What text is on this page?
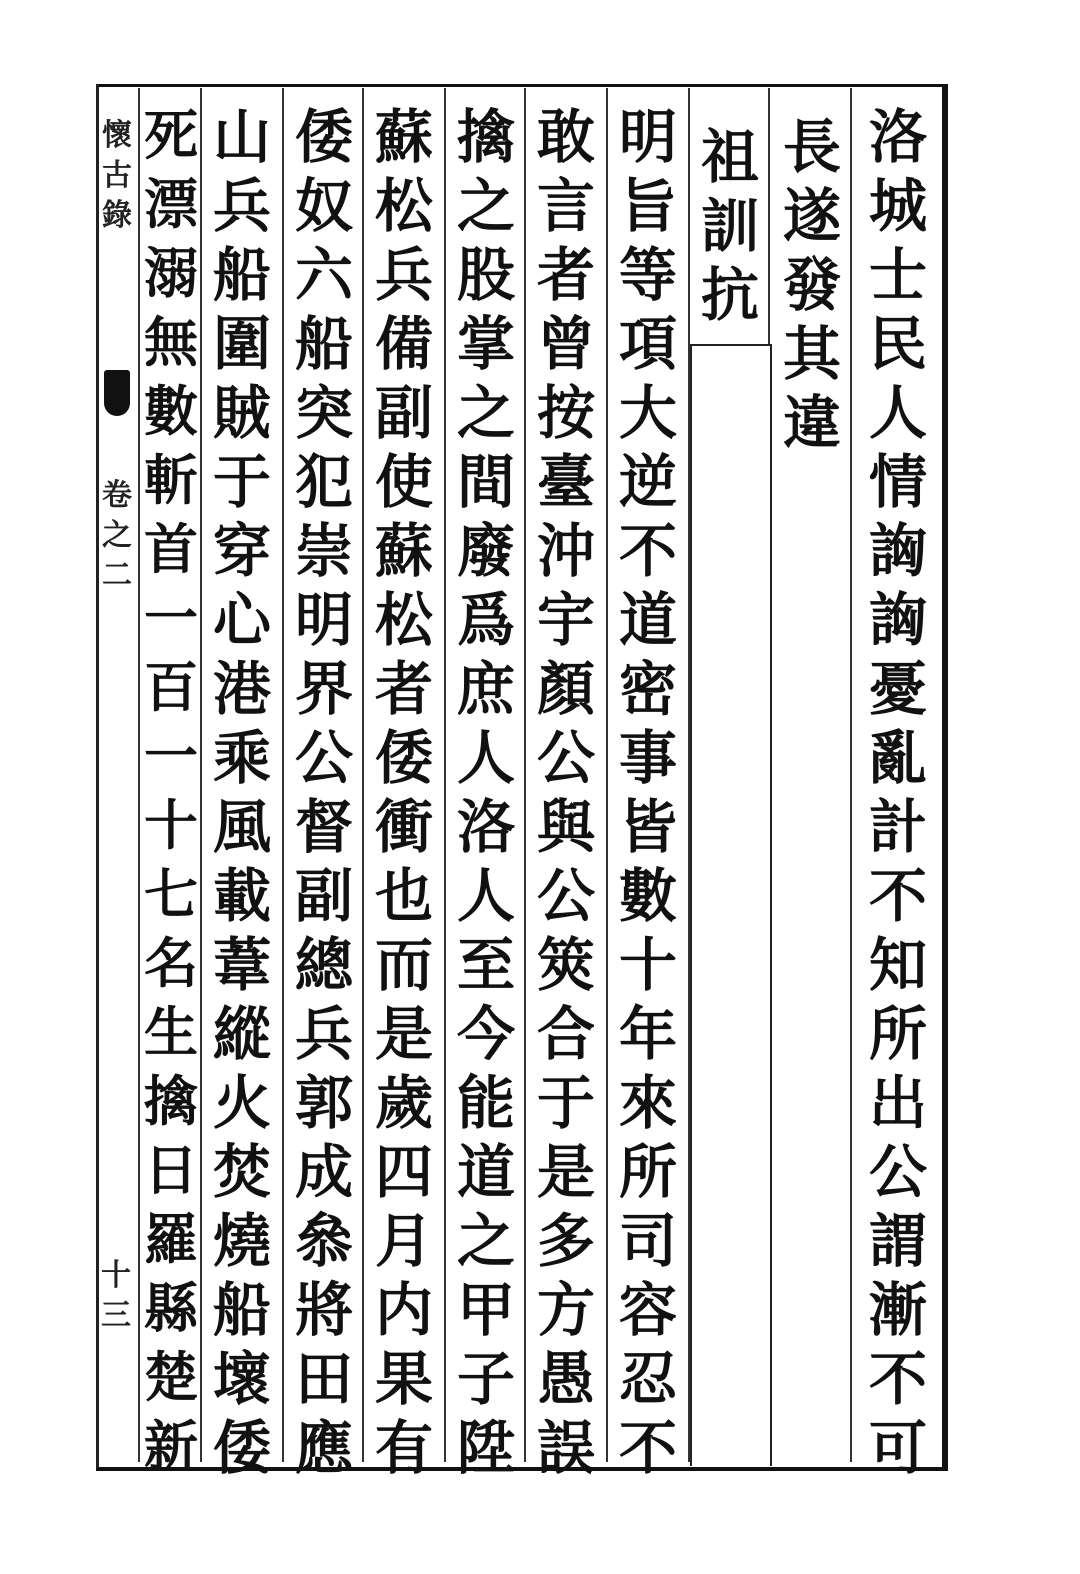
洛
城
士
民
人
情
詾
詾
憂
亂
計
不
知
所
出
公
謂
漸
不
可
長
遂
發
其
違
祖
訓
抗
明
旨
等
項
大
逆
不
道
密
事
皆
數
十
年
來
所
司
容
忍
不
敢
言
者
曾
按
臺
沖
宇
顏
公
與
公
筴
合
于
是
多
方
愚
誤
擒
之
股
掌
之
間
廢
爲
庶
人
洛
人
至
今
能
道
之
甲
子
陞
蘇
松
兵
備
副
使
蘇
松
者
倭
衝
也
而
是
歲
四
月
内
果
有
倭
奴
六
船
突
犯
崇
明
界
公
督
副
總
兵
郭
成
叅
將
田
應
山
兵
船
圍
賊
于
穿
心
港
乘
風
載
葦
縱
火
焚
燒
船
壞
倭
死
漂
溺
無
數
斬
首
一
百
一
十
七
名
生
擒
日
羅
縣
楚
新
懷
古
錄
卷
之
二
十
三
